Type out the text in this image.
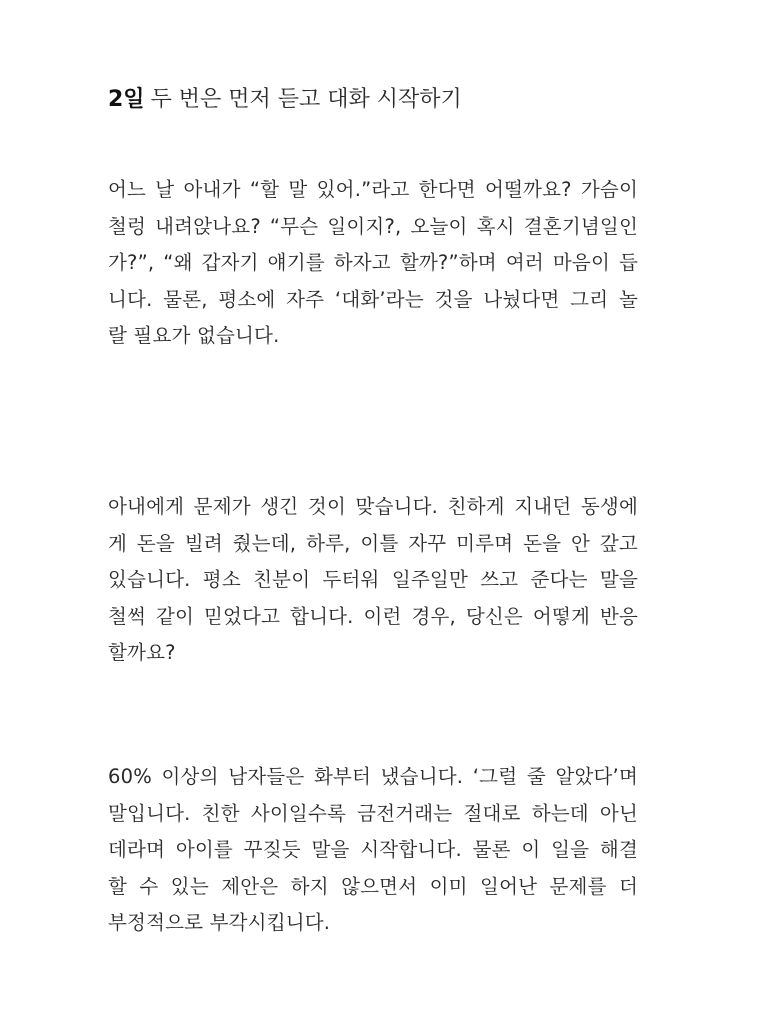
2일 두 번은 먼저 듣고 대화 시작하기
어느 날 아내가 “할 말 있어.”라고 한다면 어떨까요? 가슴이
철렁 내려앉나요? “무슨 일이지?, 오늘이 혹시 결혼기념일인
가?”, “왜 갑자기 얘기를 하자고 할까?”하며 여러 마음이 듭
니다. 물론, 평소에 자주 ‘대화’라는 것을 나눴다면 그리 놀
랄 필요가 없습니다.
아내에게 문제가 생긴 것이 맞습니다. 친하게 지내던 동생에
게 돈을 빌려 줬는데, 하루, 이틀 자꾸 미루며 돈을 안 갚고
있습니다. 평소 친분이 두터워 일주일만 쓰고 준다는 말을
철썩 같이 믿었다고 합니다. 이런 경우, 당신은 어떻게 반응
할까요?
60% 이상의 남자들은 화부터 냈습니다. ‘그럴 줄 알았다’며
말입니다. 친한 사이일수록 금전거래는 절대로 하는데 아닌
데라며 아이를 꾸짖듯 말을 시작합니다. 물론 이 일을 해결
할 수 있는 제안은 하지 않으면서 이미 일어난 문제를 더
부정적으로 부각시킵니다.
